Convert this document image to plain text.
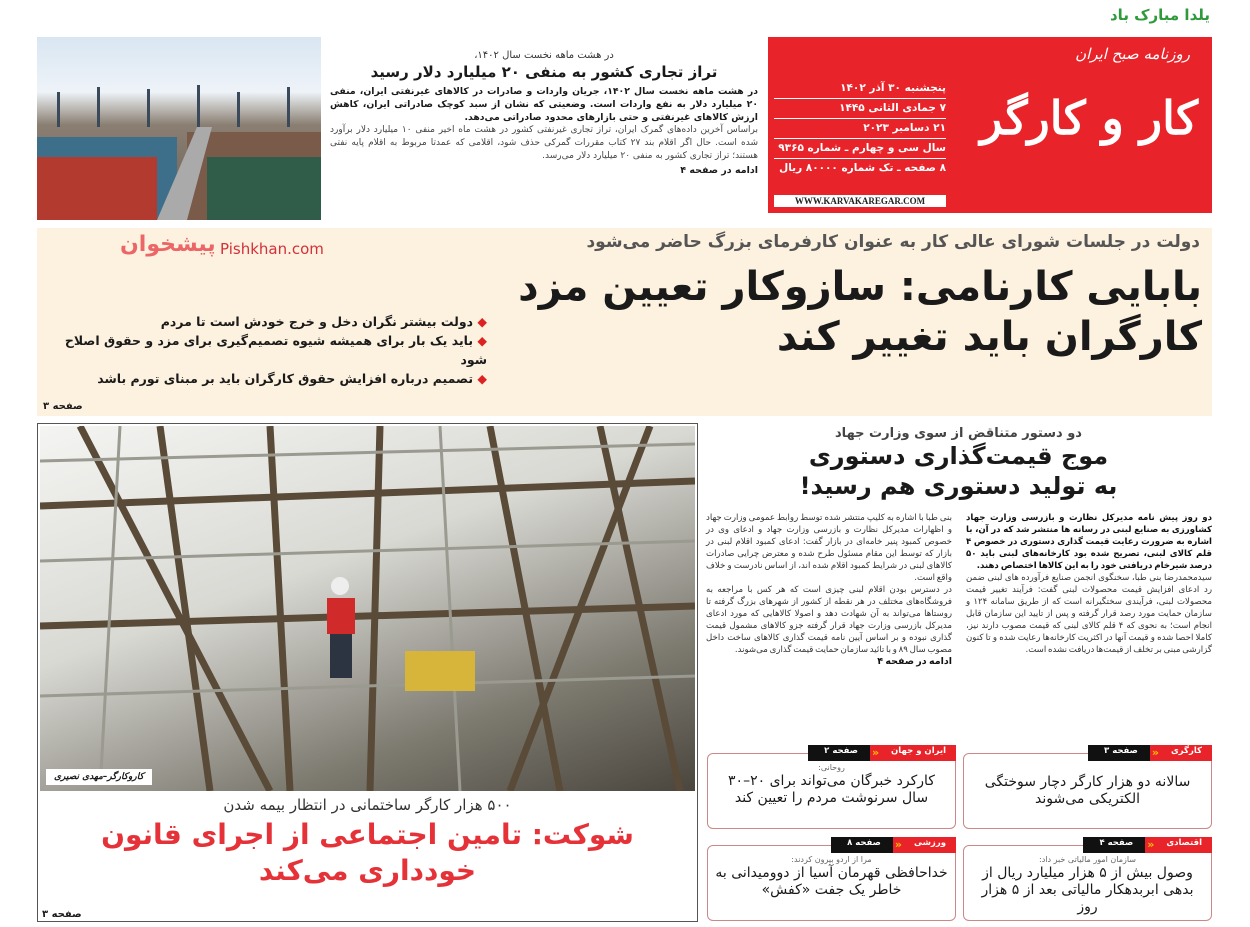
یلدا مبارک باد
روزنامه صبح ایران
کار و کارگر
پنجشنبه ۳۰ آذر ۱۴۰۲
۷ جمادی الثانی ۱۴۴۵
۲۱ دسامبر ۲۰۲۳
سال سی و چهارم ـ شماره ۹۳۶۵
۸ صفحه ـ تک شماره ۸۰۰۰۰ ریال
WWW.KARVAKAREGAR.COM
در هشت ماهه نخست سال ۱۴۰۲،
تراز تجاری کشور به منفی ۲۰ میلیارد دلار رسید

در هشت ماهه نخست سال ۱۴۰۲، جریان واردات و صادرات در کالاهای غیرنفتی ایران، منفی ۲۰ میلیارد دلار به نفع واردات است. وضعیتی که نشان از سبد کوچک صادراتی ایران، کاهش ارزش کالاهای غیرنفتی و حتی بازارهای محدود صادراتی می‌دهد.

براساس آخرین داده‌های گمرک ایران، تراز تجاری غیرنفتی کشور در هشت ماه اخیر منفی ۱۰ میلیارد دلار برآورد شده است. حال اگر اقلام بند ۲۷ کتاب مقررات گمرکی حذف شود، اقلامی که عمدتا مربوط به اقلام پایه نفتی هستند؛ تراز تجاری کشور به منفی ۲۰ میلیارد دلار می‌رسد.

ادامه در صفحه ۴
دولت در جلسات شورای عالی کار به عنوان کارفرمای بزرگ حاضر می‌شود
بابایی کارنامی: سازوکار تعیین مزد کارگران باید تغییر کند
◆ دولت بیشتر نگران دخل و خرج خودش است تا مردم
◆ باید یک بار برای همیشه شیوه تصمیم‌گیری برای مزد و حقوق اصلاح شود
◆ تصمیم درباره افزایش حقوق کارگران باید بر مبنای تورم باشد
صفحه ۳
پیشخوان Pishkhan.com
کاروکارگر–مهدی نصیری
۵۰۰ هزار کارگر ساختمانی در انتظار بیمه شدن
شوکت: تامین اجتماعی از اجرای قانون خودداری می‌کند
صفحه ۳
دو دستور متناقض از سوی وزارت جهاد
موج قیمت‌گذاری دستوری
به تولید دستوری هم رسید!

دو روز پیش نامه مدیرکل نظارت و بازرسی وزارت جهاد کشاورزی به صنایع لبنی در رسانه ها منتشر شد که در آن، با اشاره به ضرورت رعایت قیمت گذاری دستوری در خصوص ۴ قلم کالای لبنی، تصریح شده بود کارخانه‌های لبنی باید ۵۰ درصد شیرخام دریافتی خود را به این کالاها اختصاص دهند.

سیدمحمدرضا بنی طبا، سخنگوی انجمن صنایع فرآورده های لبنی ضمن رد ادعای افزایش قیمت محصولات لبنی گفت: فرآیند تغییر قیمت محصولات لبنی، فرآیندی سختگیرانه است که از طریق سامانه ۱۲۴ و سازمان حمایت مورد رصد قرار گرفته و پس از تایید این سازمان قابل انجام است؛ به نحوی که ۴ قلم کالای لبنی که قیمت مصوب دارند نیز، کاملا احصا شده و قیمت آنها در اکثریت کارخانه‌ها رعایت شده و تا کنون گزارشی مبنی بر تخلف از قیمت‌ها دریافت نشده است.

بنی طبا با اشاره به کلیپ منتشر شده توسط روابط عمومی وزارت جهاد و اظهارات مدیرکل نظارت و بازرسی وزارت جهاد و ادعای وی در خصوص کمبود پنیر خامه‌ای در بازار گفت: ادعای کمبود اقلام لبنی در بازار که توسط این مقام مسئول طرح شده و معترض چرایی صادرات کالاهای لبنی در شرایط کمبود اقلام شده اند، از اساس نادرست و خلاف واقع است.

در دسترس بودن اقلام لبنی چیزی است که هر کس با مراجعه به فروشگاه‌های مختلف در هر نقطه از کشور از شهرهای بزرگ گرفته تا روستاها می‌تواند به آن شهادت دهد و اصولا کالاهایی که مورد ادعای مدیرکل بازرسی وزارت جهاد قرار گرفته جزو کالاهای مشمول قیمت گذاری نبوده و بر اساس آیین نامه قیمت گذاری کالاهای ساخت داخل مصوب سال ۸۹ و با تائید سازمان حمایت قیمت گذاری می‌شوند.

ادامه در صفحه ۴
کارگری
«
صفحه ۳
سالانه دو هزار کارگر دچار سوختگی الکتریکی می‌شوند
ایران و جهان
«
صفحه ۲
روحانی:
کارکرد خبرگان می‌تواند برای ۲۰–۳۰ سال سرنوشت مردم را تعیین کند
اقتصادی
«
صفحه ۴
سازمان امور مالیاتی خبر داد:
وصول بیش از ۵ هزار میلیارد ریال از بدهی ابربدهکار مالیاتی بعد از ۵ هزار روز
ورزشی
«
صفحه ۸
مرا از اردو بیرون کردند:
خداحافظی قهرمان آسیا از دوومیدانی به خاطر یک جفت «کفش»
